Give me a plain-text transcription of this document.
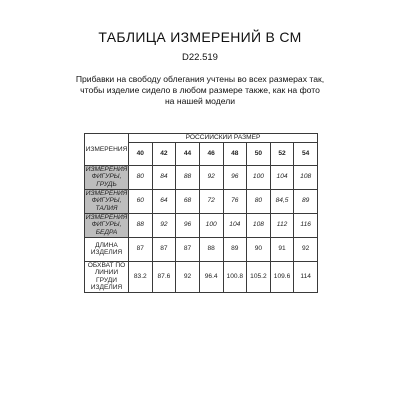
ТАБЛИЦА ИЗМЕРЕНИЙ В СМ
D22.519
Прибавки на свободу облегания учтены во всех размерах так,
чтобы изделие сидело в любом размере также, как на фото
на нашей модели
ИЗМЕРЕНИЯ	РОССИЙСКИЙ РАЗМЕР							
	40	42	44	46	48	50	52	54
ИЗМЕРЕНИЯ ФИГУРЫ, ГРУДЬ	80	84	88	92	96	100	104	108
ИЗМЕРЕНИЯ ФИГУРЫ, ТАЛИЯ	60	64	68	72	76	80	84,5	89
ИЗМЕРЕНИЯ ФИГУРЫ, БЕДРА	88	92	96	100	104	108	112	116
ДЛИНА ИЗДЕЛИЯ	87	87	87	88	89	90	91	92
ОБХВАТ ПО ЛИНИИ ГРУДИ ИЗДЕЛИЯ	83.2	87.6	92	96.4	100.8	105.2	109.6	114
